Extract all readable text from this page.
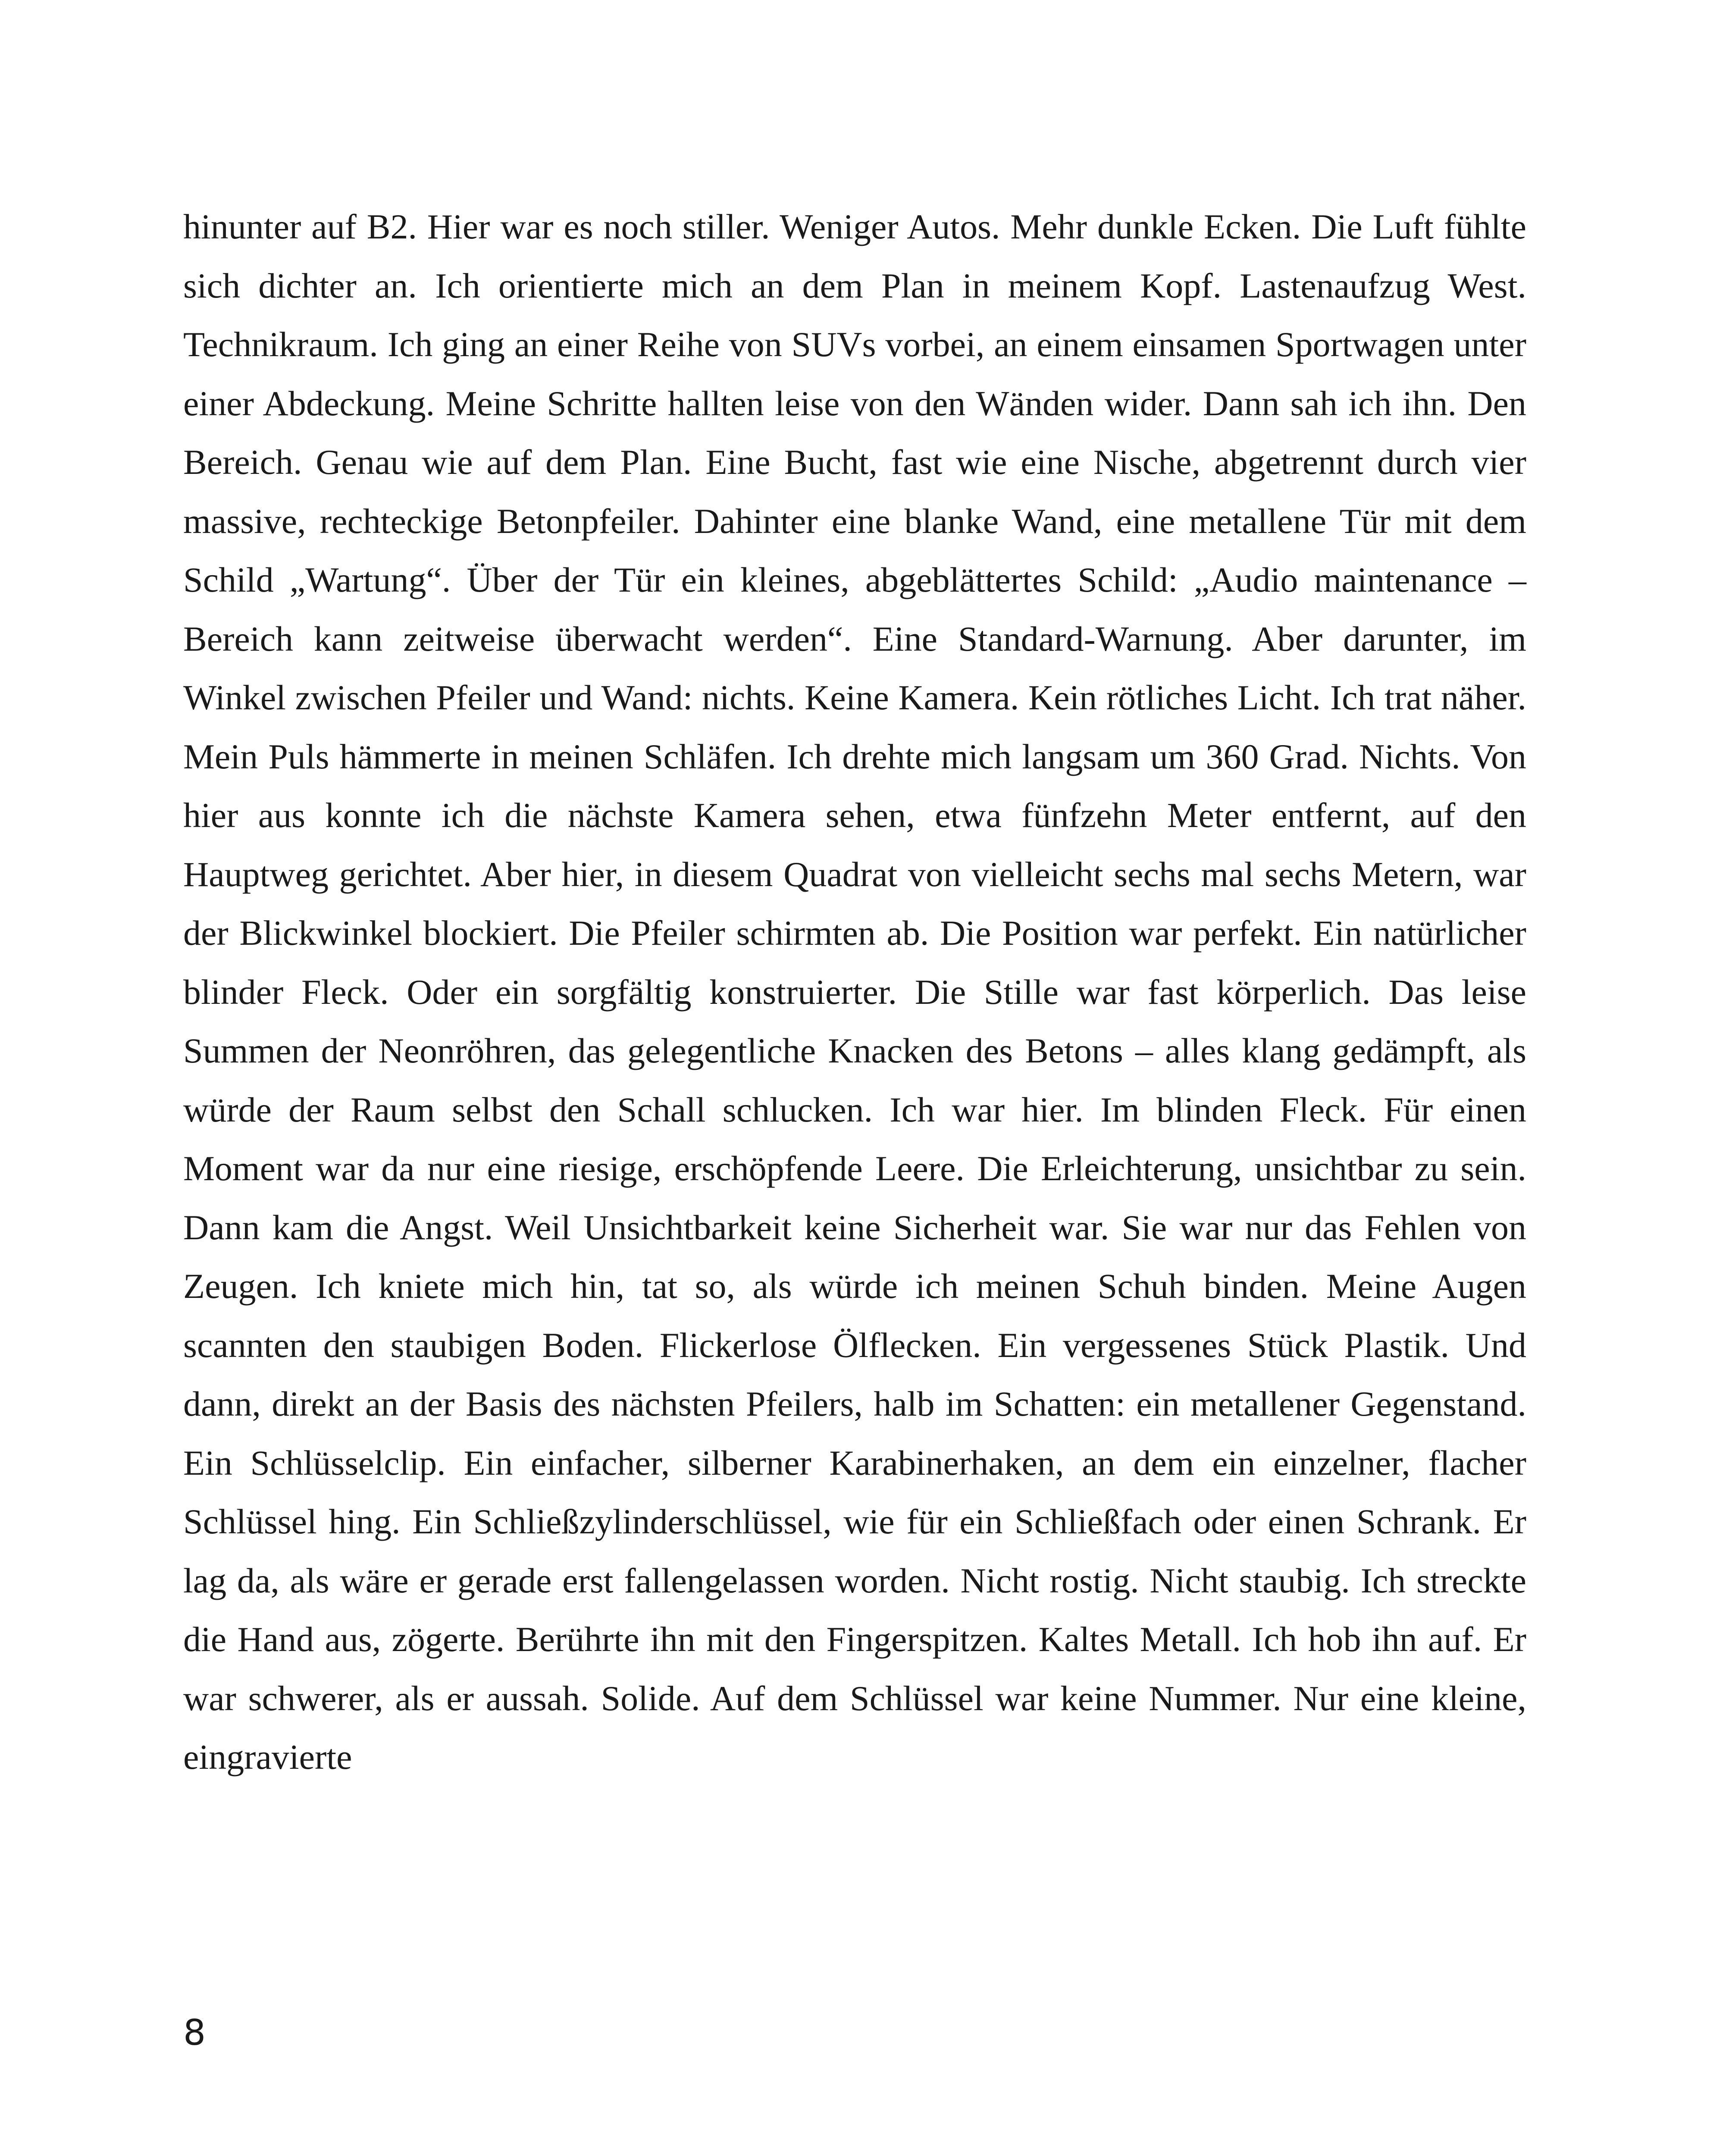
hinunter auf B2. Hier war es noch stiller. Weniger Autos. Mehr dunkle Ecken. Die Luft fühlte sich dichter an. Ich orientierte mich an dem Plan in meinem Kopf. Lastenaufzug West. Technikraum. Ich ging an einer Reihe von SUVs vorbei, an einem einsamen Sportwagen unter einer Abdeckung. Meine Schritte hallten leise von den Wänden wider. Dann sah ich ihn. Den Bereich. Genau wie auf dem Plan. Eine Bucht, fast wie eine Nische, abgetrennt durch vier massive, rechteckige Betonpfeiler. Dahinter eine blanke Wand, eine metallene Tür mit dem Schild „Wartung“. Über der Tür ein kleines, abgeblättertes Schild: „Audio maintenance – Bereich kann zeitweise überwacht werden“. Eine Standard-Warnung. Aber darunter, im Winkel zwischen Pfeiler und Wand: nichts. Keine Kamera. Kein rötliches Licht. Ich trat näher. Mein Puls hämmerte in meinen Schläfen. Ich drehte mich langsam um 360 Grad. Nichts. Von hier aus konnte ich die nächste Kamera sehen, etwa fünfzehn Meter entfernt, auf den Hauptweg gerichtet. Aber hier, in diesem Quadrat von vielleicht sechs mal sechs Metern, war der Blickwinkel blockiert. Die Pfeiler schirmten ab. Die Position war perfekt. Ein natürlicher blinder Fleck. Oder ein sorgfältig konstruierter. Die Stille war fast körperlich. Das leise Summen der Neonröhren, das gelegentliche Knacken des Betons – alles klang gedämpft, als würde der Raum selbst den Schall schlucken. Ich war hier. Im blinden Fleck. Für einen Moment war da nur eine riesige, erschöpfende Leere. Die Erleichterung, unsichtbar zu sein. Dann kam die Angst. Weil Unsichtbarkeit keine Sicherheit war. Sie war nur das Fehlen von Zeugen. Ich kniete mich hin, tat so, als würde ich meinen Schuh binden. Meine Augen scannten den staubigen Boden. Flickerlose Ölflecken. Ein vergessenes Stück Plastik. Und dann, direkt an der Basis des nächsten Pfeilers, halb im Schatten: ein metallener Gegenstand. Ein Schlüsselclip. Ein einfacher, silberner Karabinerhaken, an dem ein einzelner, flacher Schlüssel hing. Ein Schließzylinderschlüssel, wie für ein Schließfach oder einen Schrank. Er lag da, als wäre er gerade erst fallengelassen worden. Nicht rostig. Nicht staubig. Ich streckte die Hand aus, zögerte. Berührte ihn mit den Fingerspitzen. Kaltes Metall. Ich hob ihn auf. Er war schwerer, als er aussah. Solide. Auf dem Schlüssel war keine Nummer. Nur eine kleine, eingravierte

8
